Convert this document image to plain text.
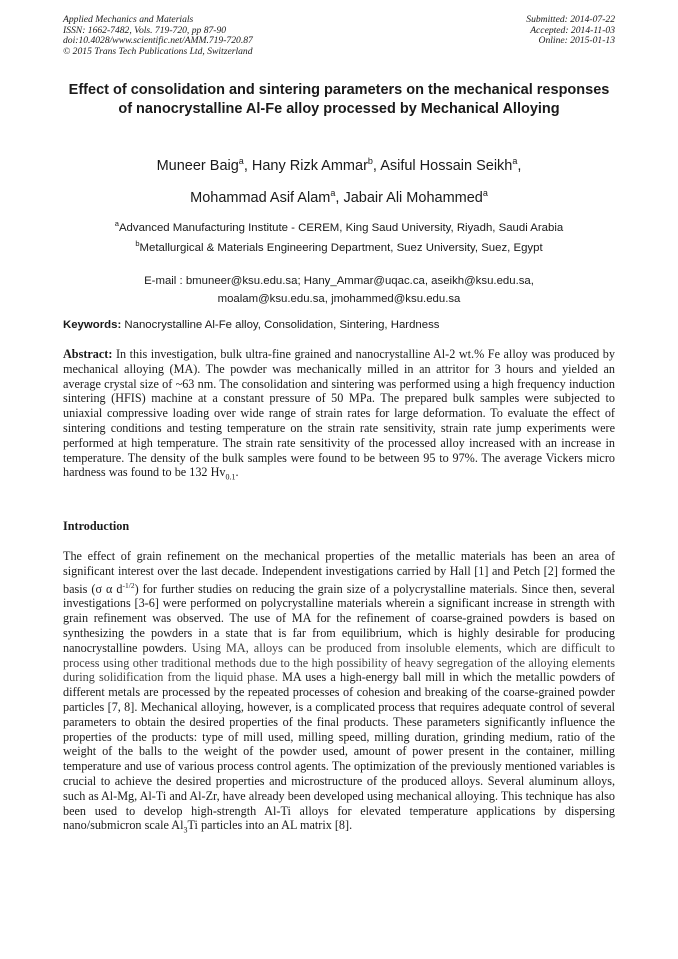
Applied Mechanics and Materials
ISSN: 1662-7482, Vols. 719-720, pp 87-90
doi:10.4028/www.scientific.net/AMM.719-720.87
© 2015 Trans Tech Publications Ltd, Switzerland
Submitted: 2014-07-22
Accepted: 2014-11-03
Online: 2015-01-13
Effect of consolidation and sintering parameters on the mechanical responses of nanocrystalline Al-Fe alloy processed by Mechanical Alloying
Muneer Baig$^a$, Hany Rizk Ammar$^b$, Asiful Hossain Seikh$^a$,
Mohammad Asif Alam$^a$, Jabair Ali Mohammed$^a$
$^a$Advanced Manufacturing Institute - CEREM, King Saud University, Riyadh, Saudi Arabia
$^b$Metallurgical & Materials Engineering Department, Suez University, Suez, Egypt
E-mail : bmuneer@ksu.edu.sa; Hany_Ammar@uqac.ca, aseikh@ksu.edu.sa,
moalam@ksu.edu.sa, jmohammed@ksu.edu.sa
Keywords: Nanocrystalline Al-Fe alloy, Consolidation, Sintering, Hardness

Abstract: In this investigation, bulk ultra-fine grained and nanocrystalline Al-2 wt.% Fe alloy was produced by mechanical alloying (MA). The powder was mechanically milled in an attritor for 3 hours and yielded an average crystal size of ~63 nm. The consolidation and sintering was performed using a high frequency induction sintering (HFIS) machine at a constant pressure of 50 MPa. The prepared bulk samples were subjected to uniaxial compressive loading over wide range of strain rates for large deformation. To evaluate the effect of sintering conditions and testing temperature on the strain rate sensitivity, strain rate jump experiments were performed at high temperature. The strain rate sensitivity of the processed alloy increased with an increase in temperature. The density of the bulk samples were found to be between 95 to 97%. The average Vickers micro hardness was found to be 132 $Hv_{0.1}$.

Introduction

The effect of grain refinement on the mechanical properties of the metallic materials has been an area of significant interest over the last decade. Independent investigations carried by Hall [1] and Petch [2] formed the basis (σ α $d^{-1/2}$) for further studies on reducing the grain size of a polycrystalline materials. Since then, several investigations [3-6] were performed on polycrystalline materials wherein a significant increase in strength with grain refinement was observed. The use of MA for the refinement of coarse-grained powders is based on synthesizing the powders in a state that is far from equilibrium, which is highly desirable for producing nanocrystalline powders. Using MA, alloys can be produced from insoluble elements, which are difficult to process using other traditional methods due to the high possibility of heavy segregation of the alloying elements during solidification from the liquid phase. MA uses a high-energy ball mill in which the metallic powders of different metals are processed by the repeated processes of cohesion and breaking of the coarse-grained powder particles [7, 8]. Mechanical alloying, however, is a complicated process that requires adequate control of several parameters to obtain the desired properties of the final products. These parameters significantly influence the properties of the products: type of mill used, milling speed, milling duration, grinding medium, ratio of the weight of the balls to the weight of the powder used, amount of power present in the container, milling temperature and use of various process control agents. The optimization of the previously mentioned variables is crucial to achieve the desired properties and microstructure of the produced alloys. Several aluminum alloys, such as Al-Mg, Al-Ti and Al-Zr, have already been developed using mechanical alloying. This technique has also been used to develop high-strength Al-Ti alloys for elevated temperature applications by dispersing nano/submicron scale $Al_3Ti$ particles into an AL matrix [8].
